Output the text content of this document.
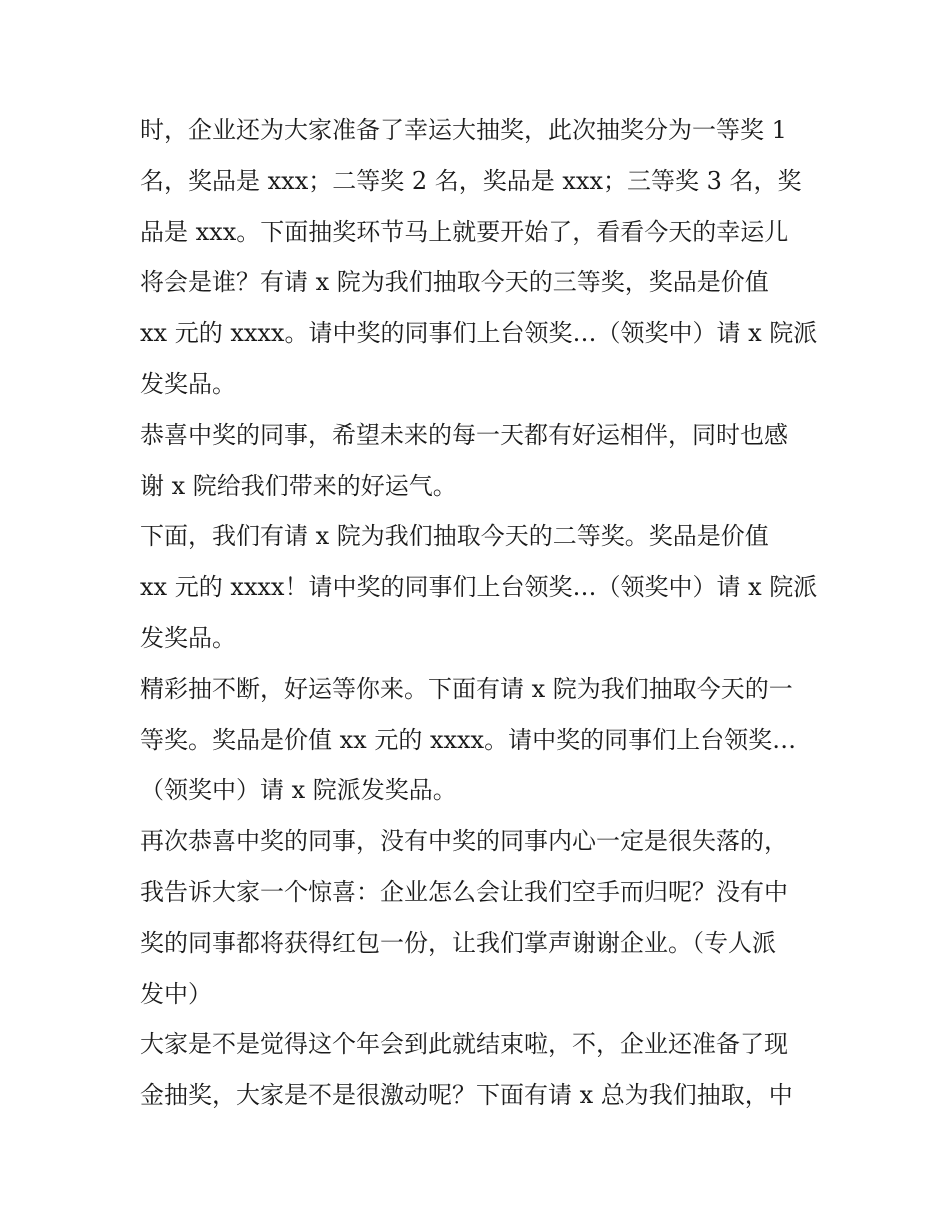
时，企业还为大家准备了幸运大抽奖，此次抽奖分为一等奖 1
名，奖品是 xxx；二等奖 2 名，奖品是 xxx；三等奖 3 名，奖
品是 xxx。下面抽奖环节马上就要开始了，看看今天的幸运儿
将会是谁？有请 x 院为我们抽取今天的三等奖，奖品是价值
xx 元的 xxxx。请中奖的同事们上台领奖…（领奖中）请 x 院派
发奖品。
恭喜中奖的同事，希望未来的每一天都有好运相伴，同时也感
谢 x 院给我们带来的好运气。
下面，我们有请 x 院为我们抽取今天的二等奖。奖品是价值
xx 元的 xxxx！请中奖的同事们上台领奖…（领奖中）请 x 院派
发奖品。
精彩抽不断，好运等你来。下面有请 x 院为我们抽取今天的一
等奖。奖品是价值 xx 元的 xxxx。请中奖的同事们上台领奖…
（领奖中）请 x 院派发奖品。
再次恭喜中奖的同事，没有中奖的同事内心一定是很失落的，
我告诉大家一个惊喜：企业怎么会让我们空手而归呢？没有中
奖的同事都将获得红包一份，让我们掌声谢谢企业。（专人派
发中）
大家是不是觉得这个年会到此就结束啦，不，企业还准备了现
金抽奖，大家是不是很激动呢？下面有请 x 总为我们抽取，中
